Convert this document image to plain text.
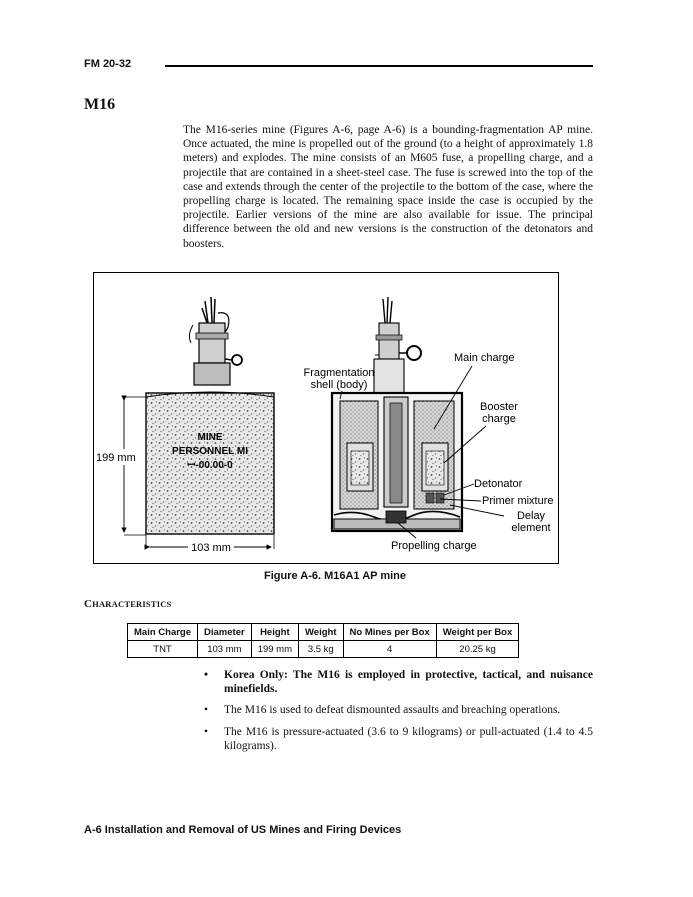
FM 20-32
M16
The M16-series mine (Figures A-6, page A-6) is a bounding-fragmentation AP mine. Once actuated, the mine is propelled out of the ground (to a height of approximately 1.8 meters) and explodes. The mine consists of an M605 fuse, a propelling charge, and a projectile that are contained in a sheet-steel case. The fuse is screwed into the top of the case and extends through the center of the projectile to the bottom of the case, where the propelling charge is located. The remaining space inside the case is occupied by the projectile. Earlier versions of the mine are also available for issue. The principal difference between the old and new versions is the construction of the detonators and boosters.
MINE
PERSONNEL MI
ꟷ-00.00-0
199 mm
103 mm
Fragmentation
shell (body)
Main charge
Booster
charge
Detonator
Primer mixture
Delay
element
Propelling charge
Figure A-6. M16A1 AP mine
CHARACTERISTICS
Main Charge	Diameter	Height	Weight	No Mines per Box	Weight per Box
TNT	103 mm	199 mm	3.5 kg	4	20.25 kg
• Korea Only: The M16 is employed in protective, tactical, and nuisance minefields.
• The M16 is used to defeat dismounted assaults and breaching operations.
• The M16 is pressure-actuated (3.6 to 9 kilograms) or pull-actuated (1.4 to 4.5 kilograms).
A-6 Installation and Removal of US Mines and Firing Devices
